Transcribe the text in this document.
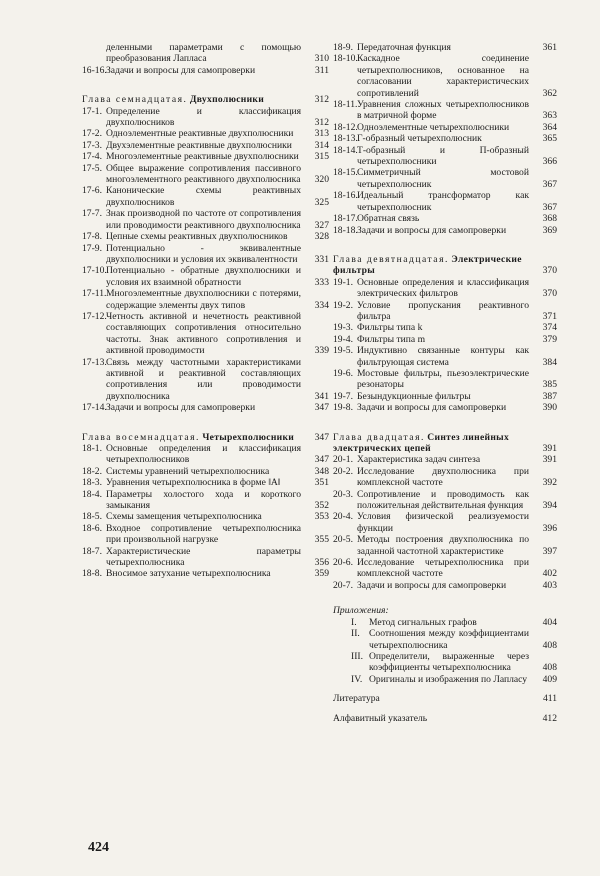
деленными параметрами с помощью преобразования Лапласа	310
16-16. Задачи и вопросы для самопроверки	311
Глава семнадцатая. Двухполюсники	312
17-1. Определение и классификация двухполюсников	312
17-2. Одноэлементные реактивные двухполюсники	313
17-3. Двухэлементные реактивные двухполюсники	314
17-4. Многоэлементные реактивные двухполюсники 315
17-5. Общее выражение сопротивления пассивного многоэлементного реактивного двухполюсника 320
17-6. Канонические схемы реактивных двухполюсников	325
17-7. Знак производной по частоте от сопротивления или проводимости реактивного двухполюсника 327
17-8. Цепные схемы реактивных двухполюсников	328
17-9. Потенциально - эквивалентные двухполюсники и условия их эквивалентности	331
17-10. Потенциально - обратные двухполюсники и условия их взаимной обратности	333
17-11. Многоэлементные двухполюсники с потерями, содержащие элементы двух типов	334
17-12. Четность активной и нечетность реактивной составляющих сопротивления относительно частоты. Знак активного сопротивления и активной проводимости	339
17-13. Связь между частотными характеристиками активной и реактивной составляющих сопротивления или проводимости двухполюсника	341
17-14. Задачи и вопросы для самопроверки	347
Глава восемнадцатая. Четырехполюсники	347
18-1. Основные определения и классификация четырехполюсников	347
18-2. Системы уравнений четырехполюсника	348
18-3. Уравнения четырехполюсника в форме ‖A‖	351
18-4. Параметры холостого хода и короткого замыкания	352
18-5. Схемы замещения четырехполюсника	353
18-6. Входное сопротивление четырехполюсника при произвольной нагрузке	355
18-7. Характеристические параметры четырехполюсника	356
18-8. Вносимое затухание четырехполюсника	359
18-9. Передаточная функция	361
18-10. Каскадное соединение четырехполюсников, основанное на согласовании характеристических сопротивлений	362
18-11. Уравнения сложных четырехполюсников в матричной форме	363
18-12. Одноэлементные четырехполюсники	364
18-13. Г-образный четырехполюсник	365
18-14. Т-образный и П-образный четырехполюсники	366
18-15. Симметричный мостовой четырехполюсник	367
18-16. Идеальный трансформатор как четырехполюсник	367
18-17. Обратная связь	368
18-18. Задачи и вопросы для самопроверки	369
Глава девятнадцатая. Электрические фильтры	370
19-1. Основные определения и классификация электрических фильтров	370
19-2. Условие пропускания реактивного фильтра	371
19-3. Фильтры типа k	374
19-4. Фильтры типа m	379
19-5. Индуктивно связанные контуры как фильтрующая система	384
19-6. Мостовые фильтры, пьезоэлектрические резонаторы	385
19-7. Безындукционные фильтры	387
19-8. Задачи и вопросы для самопроверки	390
Глава двадцатая. Синтез линейных электрических цепей	391
20-1. Характеристика задач синтеза	391
20-2. Исследование двухполюсника при комплексной частоте	392
20-3. Сопротивление и проводимость как положительная действительная функция	394
20-4. Условия физической реализуемости функции	396
20-5. Методы построения двухполюсника по заданной частотной характеристике	397
20-6. Исследование четырехполюсника при комплексной частоте	402
20-7. Задачи и вопросы для самопроверки	403
Приложения:
I. Метод сигнальных графов	404
II. Соотношения между коэффициентами четырехполюсника	408
III. Определители, выраженные через коэффициенты четырехполюсника	408
IV. Оригиналы и изображения по Лапласу 409
Литература	411
Алфавитный указатель	412
424
